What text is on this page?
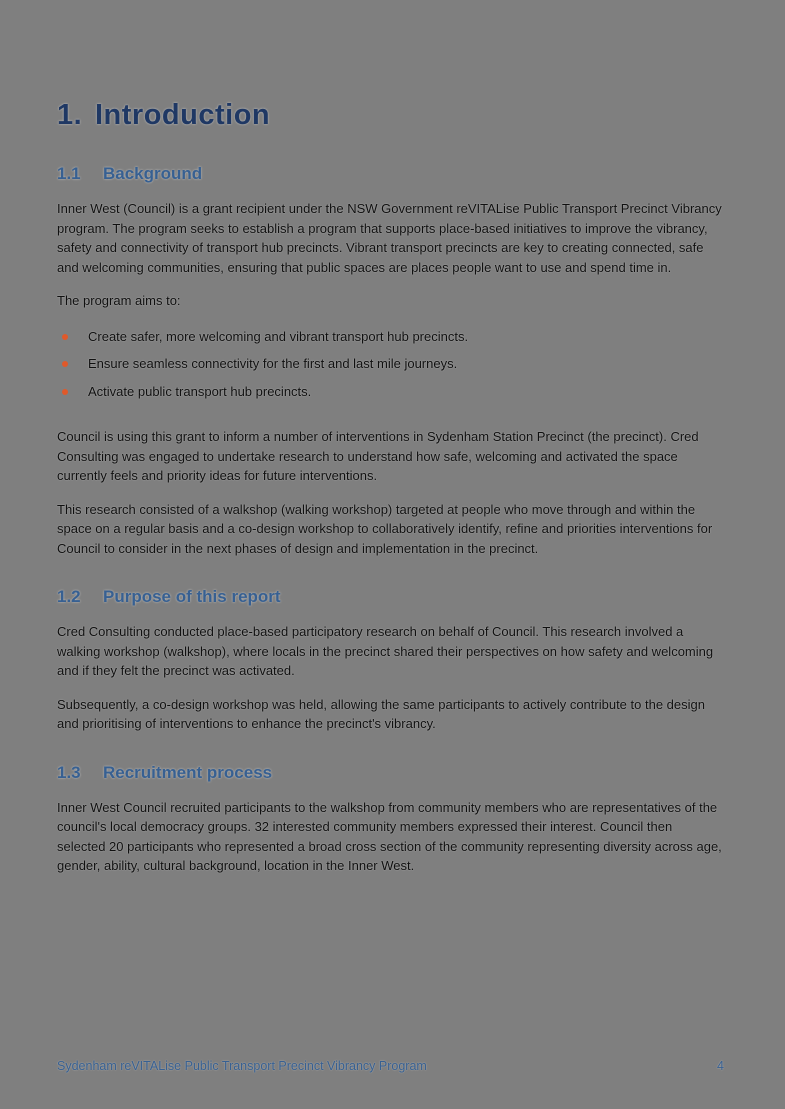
1. Introduction
1.1 Background

Inner West (Council) is a grant recipient under the NSW Government reVITALise Public Transport Precinct Vibrancy program. The program seeks to establish a program that supports place-based initiatives to improve the vibrancy, safety and connectivity of transport hub precincts. Vibrant transport precincts are key to creating connected, safe and welcoming communities, ensuring that public spaces are places people want to use and spend time in.

The program aims to:

Create safer, more welcoming and vibrant transport hub precincts.
Ensure seamless connectivity for the first and last mile journeys.
Activate public transport hub precincts.

Council is using this grant to inform a number of interventions in Sydenham Station Precinct (the precinct). Cred Consulting was engaged to undertake research to understand how safe, welcoming and activated the space currently feels and priority ideas for future interventions.

This research consisted of a walkshop (walking workshop) targeted at people who move through and within the space on a regular basis and a co-design workshop to collaboratively identify, refine and priorities interventions for Council to consider in the next phases of design and implementation in the precinct.

1.2 Purpose of this report

Cred Consulting conducted place-based participatory research on behalf of Council. This research involved a walking workshop (walkshop), where locals in the precinct shared their perspectives on how safety and welcoming and if they felt the precinct was activated.

Subsequently, a co-design workshop was held, allowing the same participants to actively contribute to the design and prioritising of interventions to enhance the precinct's vibrancy.

1.3 Recruitment process

Inner West Council recruited participants to the walkshop from community members who are representatives of the council's local democracy groups. 32 interested community members expressed their interest. Council then selected 20 participants who represented a broad cross section of the community representing diversity across age, gender, ability, cultural background, location in the Inner West.

Sydenham reVITALise Public Transport Precinct Vibrancy Program	4
